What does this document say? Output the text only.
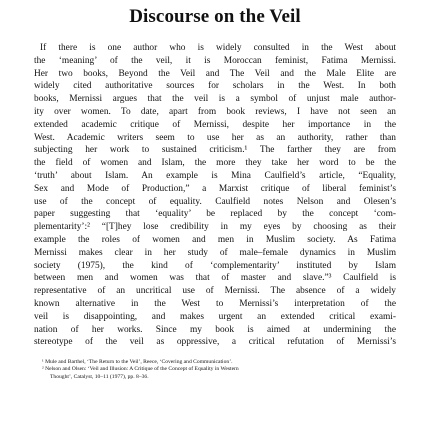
Discourse on the Veil
If there is one author who is widely consulted in the West about
the ‘meaning’ of the veil, it is Moroccan feminist, Fatima Mernissi.
Her two books, Beyond the Veil and The Veil and the Male Elite are
widely cited authoritative sources for scholars in the West. In both
books, Mernissi argues that the veil is a symbol of unjust male author-
ity over women. To date, apart from book reviews, I have not seen an
extended academic critique of Mernissi, despite her importance in the
West. Academic writers seem to use her as an authority, rather than
subjecting her work to sustained criticism.¹ The farther they are from
the field of women and Islam, the more they take her word to be the
‘truth’ about Islam. An example is Mina Caulfield’s article, “Equality,
Sex and Mode of Production,” a Marxist critique of liberal feminist’s
use of the concept of equality. Caulfield notes Nelson and Olesen’s
paper suggesting that ‘equality’ be replaced by the concept ‘com-
plementarity’:² “[T]hey lose credibility in my eyes by choosing as their
example the roles of women and men in Muslim society. As Fatima
Mernissi makes clear in her study of male–female dynamics in Muslim
society (1975), the kind of ‘complementarity’ instituted by Islam
between men and women was that of master and slave.”³ Caulfield is
representative of an uncritical use of Mernissi. The absence of a widely
known alternative in the West to Mernissi’s interpretation of the
veil is disappointing, and makes urgent an extended critical exami-
nation of her works. Since my book is aimed at undermining the
stereotype of the veil as oppressive, a critical refutation of Mernissi’s
¹ Mule and Barthel, ‘The Return to the Veil’, Reece, ‘Covering and Communication’.
² Nelson and Olsen: ‘Veil and Illusion: A Critique of the Concept of Equality in Western
Thought’, Catalyst, 10–11 (1977), pp. 8–36.
